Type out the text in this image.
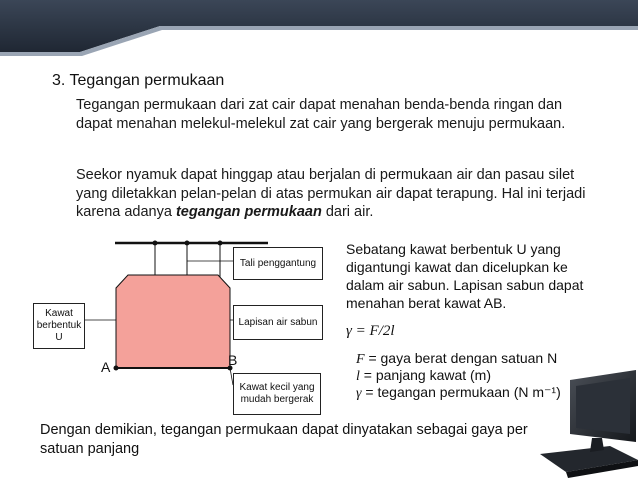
3. Tegangan permukaan
Tegangan permukaan dari zat cair dapat menahan benda-benda ringan dan dapat menahan melekul-melekul zat cair yang bergerak menuju permukaan.
Seekor nyamuk dapat hinggap atau berjalan di permukaan air dan pasau silet yang diletakkan pelan-pelan di atas permukan air dapat terapung. Hal ini terjadi karena adanya tegangan permukaan dari air.
Tali penggantung
Lapisan air sabun
Kawat berbentuk U
Kawat kecil yang mudah bergerak
A	B
Sebatang kawat berbentuk U yang digantungi kawat dan dicelupkan ke dalam air sabun. Lapisan sabun dapat menahan berat kawat AB.
γ = F/2l
F = gaya berat dengan satuan N
l = panjang kawat (m)
γ = tegangan permukaan (N m⁻¹)
Dengan demikian, tegangan permukaan dapat dinyatakan sebagai gaya per satuan panjang
